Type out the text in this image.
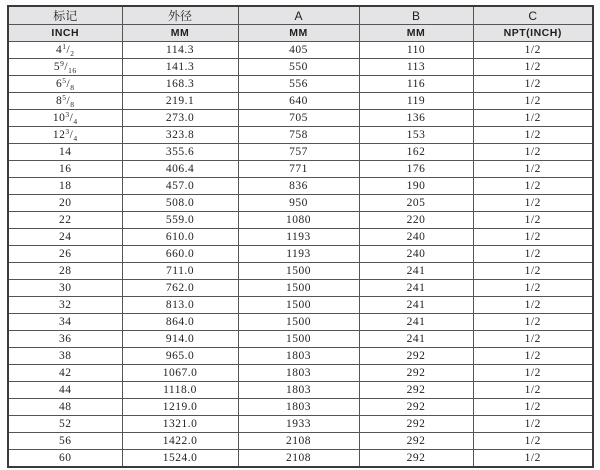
标记	外径	A	B	C
INCH	MM	MM	MM	NPT(INCH)
$4^1/_2$	114.3	405	110	1/2
$5^9/_{16}$	141.3	550	113	1/2
$6^5/_8$	168.3	556	116	1/2
$8^5/_8$	219.1	640	119	1/2
$10^3/_4$	273.0	705	136	1/2
$12^3/_4$	323.8	758	153	1/2
14	355.6	757	162	1/2
16	406.4	771	176	1/2
18	457.0	836	190	1/2
20	508.0	950	205	1/2
22	559.0	1080	220	1/2
24	610.0	1193	240	1/2
26	660.0	1193	240	1/2
28	711.0	1500	241	1/2
30	762.0	1500	241	1/2
32	813.0	1500	241	1/2
34	864.0	1500	241	1/2
36	914.0	1500	241	1/2
38	965.0	1803	292	1/2
42	1067.0	1803	292	1/2
44	1118.0	1803	292	1/2
48	1219.0	1803	292	1/2
52	1321.0	1933	292	1/2
56	1422.0	2108	292	1/2
60	1524.0	2108	292	1/2
